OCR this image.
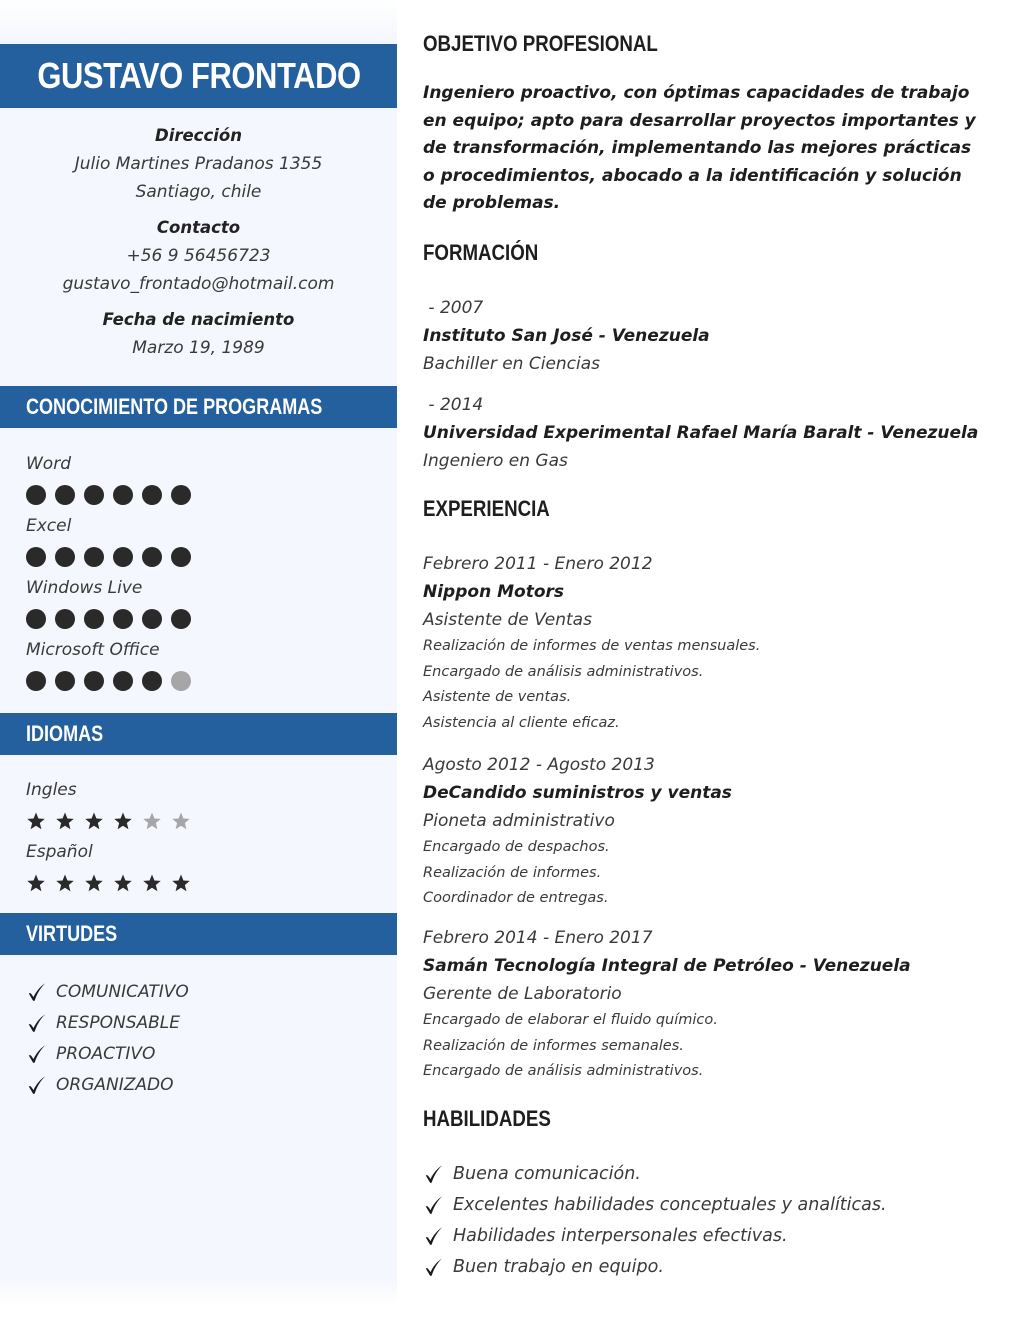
GUSTAVO FRONTADO
Dirección
Julio Martines Pradanos 1355
Santiago, chile
Contacto
+56 9 56456723
gustavo_frontado@hotmail.com
Fecha de nacimiento
Marzo 19, 1989
CONOCIMIENTO DE PROGRAMAS
Word
Excel
Windows Live
Microsoft Office
IDIOMAS
Ingles
Español
VIRTUDES
COMUNICATIVO
RESPONSABLE
PROACTIVO
ORGANIZADO
OBJETIVO PROFESIONAL
Ingeniero proactivo, con óptimas capacidades de trabajo en equipo; apto para desarrollar proyectos importantes y de transformación, implementando las mejores prácticas o procedimientos, abocado a la identificación y solución de problemas.
FORMACIÓN
- 2007
Instituto San José - Venezuela
Bachiller en Ciencias
- 2014
Universidad Experimental Rafael María Baralt - Venezuela
Ingeniero en Gas
EXPERIENCIA
Febrero 2011 - Enero 2012
Nippon Motors
Asistente de Ventas
Realización de informes de ventas mensuales.
Encargado de análisis administrativos.
Asistente de ventas.
Asistencia al cliente eficaz.
Agosto 2012 - Agosto 2013
DeCandido suministros y ventas
Pioneta administrativo
Encargado de despachos.
Realización de informes.
Coordinador de entregas.
Febrero 2014 - Enero 2017
Samán Tecnología Integral de Petróleo - Venezuela
Gerente de Laboratorio
Encargado de elaborar el fluido químico.
Realización de informes semanales.
Encargado de análisis administrativos.
HABILIDADES
Buena comunicación.
Excelentes habilidades conceptuales y analíticas.
Habilidades interpersonales efectivas.
Buen trabajo en equipo.
